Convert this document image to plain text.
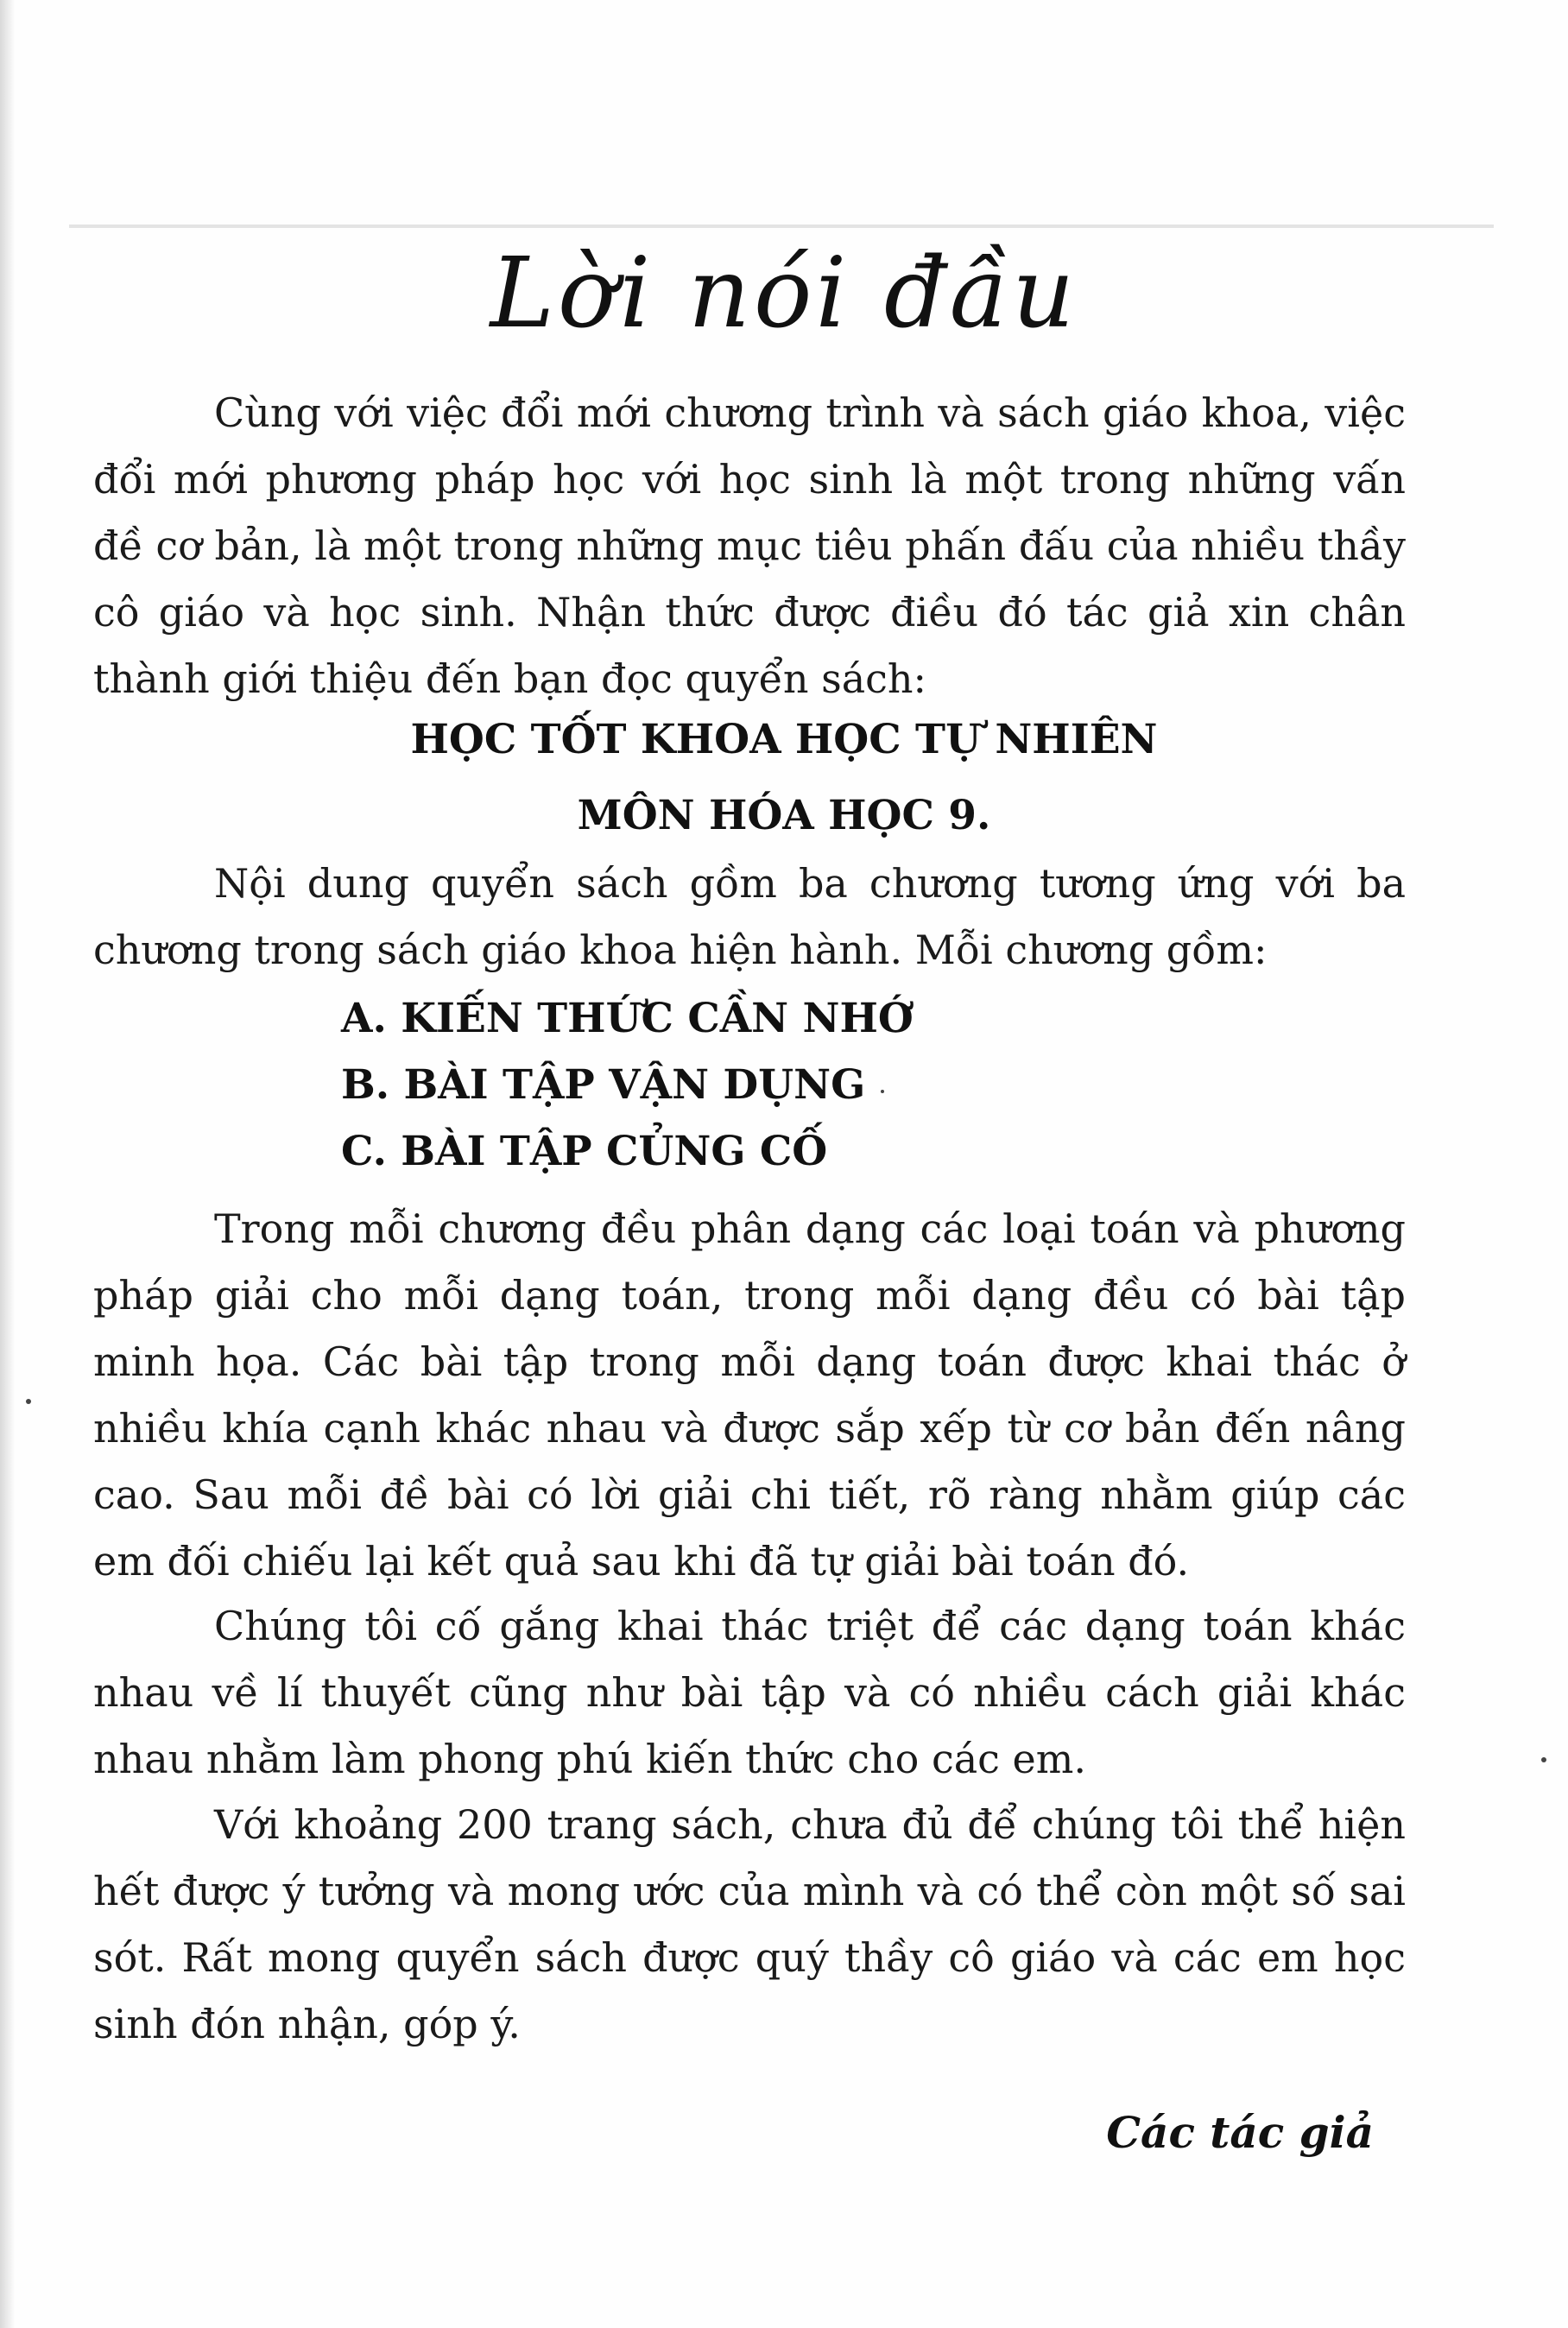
Lời nói đầu

Cùng với việc đổi mới chương trình và sách giáo khoa, việc đổi mới phương pháp học với học sinh là một trong những vấn đề cơ bản, là một trong những mục tiêu phấn đấu của nhiều thầy cô giáo và học sinh. Nhận thức được điều đó tác giả xin chân thành giới thiệu đến bạn đọc quyển sách:

HỌC TỐT KHOA HỌC TỰ NHIÊN
MÔN HÓA HỌC 9.

Nội dung quyển sách gồm ba chương tương ứng với ba chương trong sách giáo khoa hiện hành. Mỗi chương gồm:

A. KIẾN THỨC CẦN NHỚ
B. BÀI TẬP VẬN DỤNG
C. BÀI TẬP CỦNG CỐ

Trong mỗi chương đều phân dạng các loại toán và phương pháp giải cho mỗi dạng toán, trong mỗi dạng đều có bài tập minh họa. Các bài tập trong mỗi dạng toán được khai thác ở nhiều khía cạnh khác nhau và được sắp xếp từ cơ bản đến nâng cao. Sau mỗi đề bài có lời giải chi tiết, rõ ràng nhằm giúp các em đối chiếu lại kết quả sau khi đã tự giải bài toán đó.

Chúng tôi cố gắng khai thác triệt để các dạng toán khác nhau về lí thuyết cũng như bài tập và có nhiều cách giải khác nhau nhằm làm phong phú kiến thức cho các em.

Với khoảng 200 trang sách, chưa đủ để chúng tôi thể hiện hết được ý tưởng và mong ước của mình và có thể còn một số sai sót. Rất mong quyển sách được quý thầy cô giáo và các em học sinh đón nhận, góp ý.

Các tác giả
